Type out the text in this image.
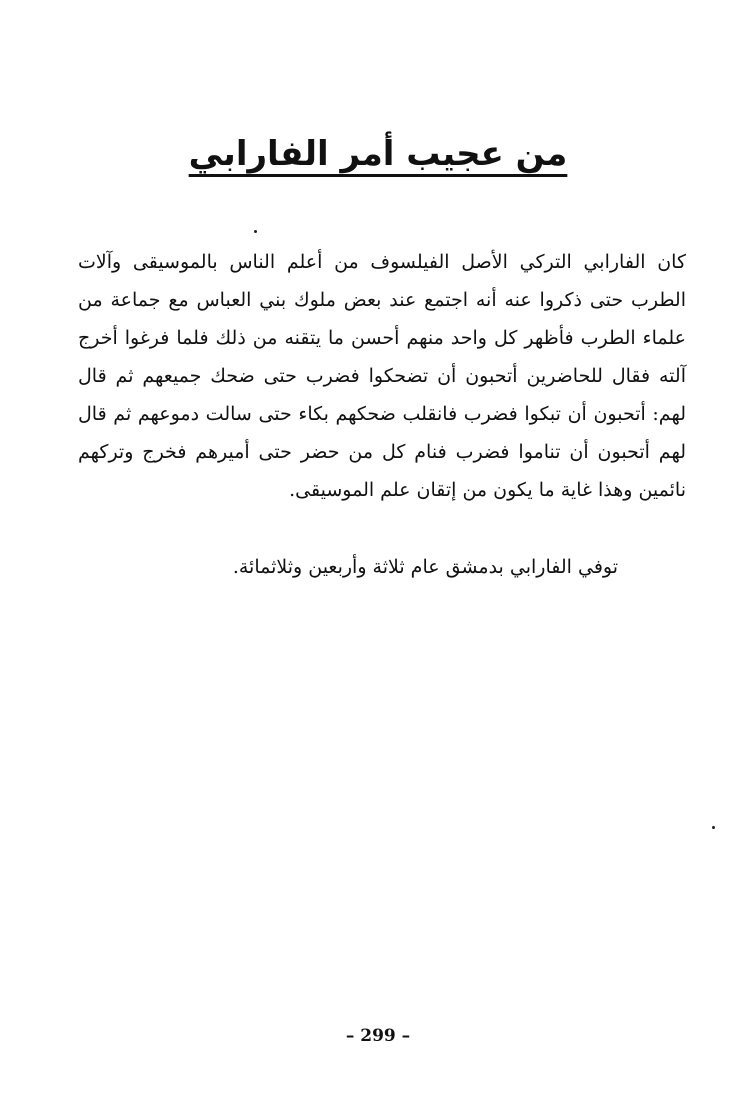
من عجيب أمر الفارابي
كان الفارابي التركي الأصل الفيلسوف من أعلم الناس بالموسيقى وآلات الطرب حتى ذكروا عنه أنه اجتمع عند بعض ملوك بني العباس مع جماعة من علماء الطرب فأظهر كل واحد منهم أحسن ما يتقنه من ذلك فلما فرغوا أخرج آلته فقال للحاضرين أتحبون أن تضحكوا فضرب حتى ضحك جميعهم ثم قال لهم: أتحبون أن تبكوا فضرب فانقلب ضحكهم بكاء حتى سالت دموعهم ثم قال لهم أتحبون أن تناموا فضرب فنام كل من حضر حتى أميرهم فخرج وتركهم نائمين وهذا غاية ما يكون من إتقان علم الموسيقى.
توفي الفارابي بدمشق عام ثلاثة وأربعين وثلاثمائة.
– 299 –
